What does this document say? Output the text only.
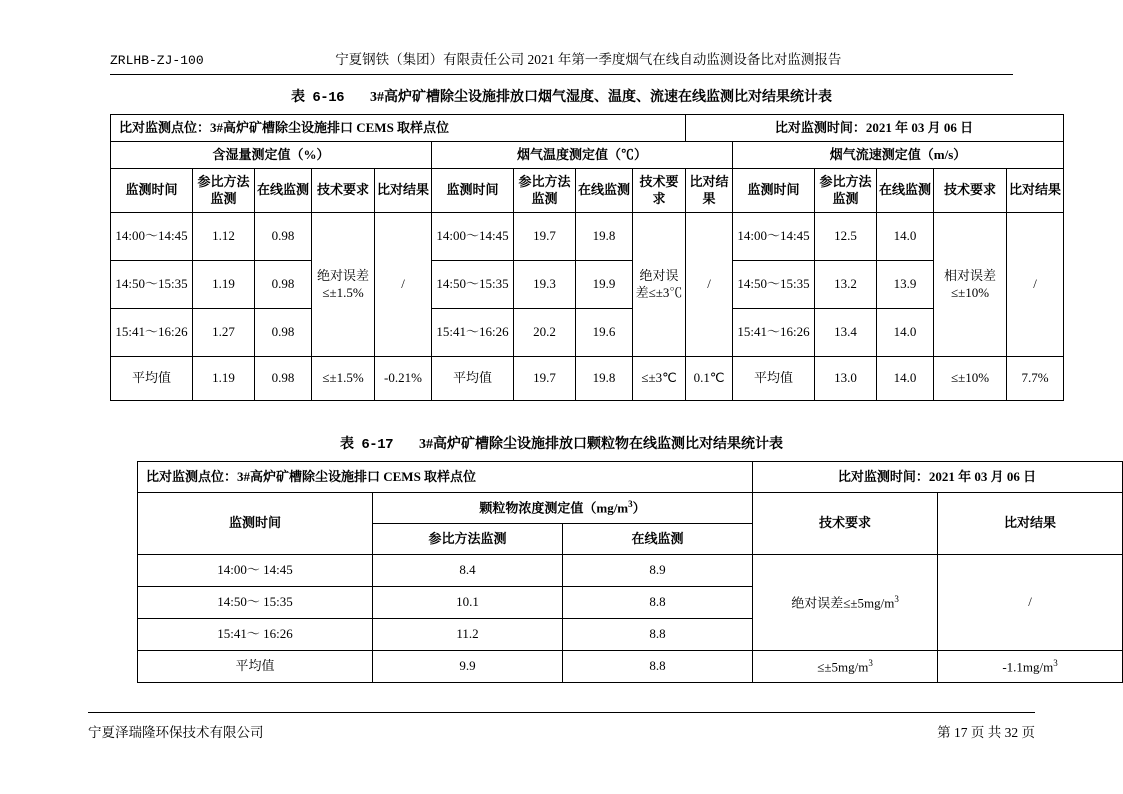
ZRLHB-ZJ-100	宁夏钢铁（集团）有限责任公司 2021 年第一季度烟气在线自动监测设备比对监测报告
表 6-16 3#高炉矿槽除尘设施排放口烟气湿度、温度、流速在线监测比对结果统计表
比对监测点位：3#高炉矿槽除尘设施排口 CEMS 取样点位									比对监测时间：2021 年 03 月 06 日					
含湿量测定值（%）					烟气温度测定值（℃）					烟气流速测定值（m/s）				
监测时间	参比方法监测	在线监测	技术要求	比对结果	监测时间	参比方法监测	在线监测	技术要求	比对结果	监测时间	参比方法监测	在线监测	技术要求	比对结果
14:00～14:45	1.12	0.98	绝对误差≤±1.5%	/	14:00～14:45	19.7	19.8	绝对误差≤±3℃	/	14:00～14:45	12.5	14.0	相对误差≤±10%	/
14:50～15:35	1.19	0.98			14:50～15:35	19.3	19.9			14:50～15:35	13.2	13.9		
15:41～16:26	1.27	0.98			15:41～16:26	20.2	19.6			15:41～16:26	13.4	14.0		
平均值	1.19	0.98	≤±1.5%	-0.21%	平均值	19.7	19.8	≤±3℃	0.1℃	平均值	13.0	14.0	≤±10%	7.7%
表 6-17 3#高炉矿槽除尘设施排放口颗粒物在线监测比对结果统计表
比对监测点位：3#高炉矿槽除尘设施排口 CEMS 取样点位			比对监测时间：2021 年 03 月 06 日	
监测时间	颗粒物浓度测定值$(mg/m^3)$		技术要求	比对结果
	参比方法监测	在线监测		
14:00～ 14:45	8.4	8.9	绝对误差$\le\pm 5mg/m^3$	/
14:50～ 15:35	10.1	8.8		
15:41～ 16:26	11.2	8.8		
平均值	9.9	8.8	$\le\pm 5mg/m^3$	$-1.1mg/m^3$
宁夏泽瑞隆环保技术有限公司	第 17 页 共 32 页
